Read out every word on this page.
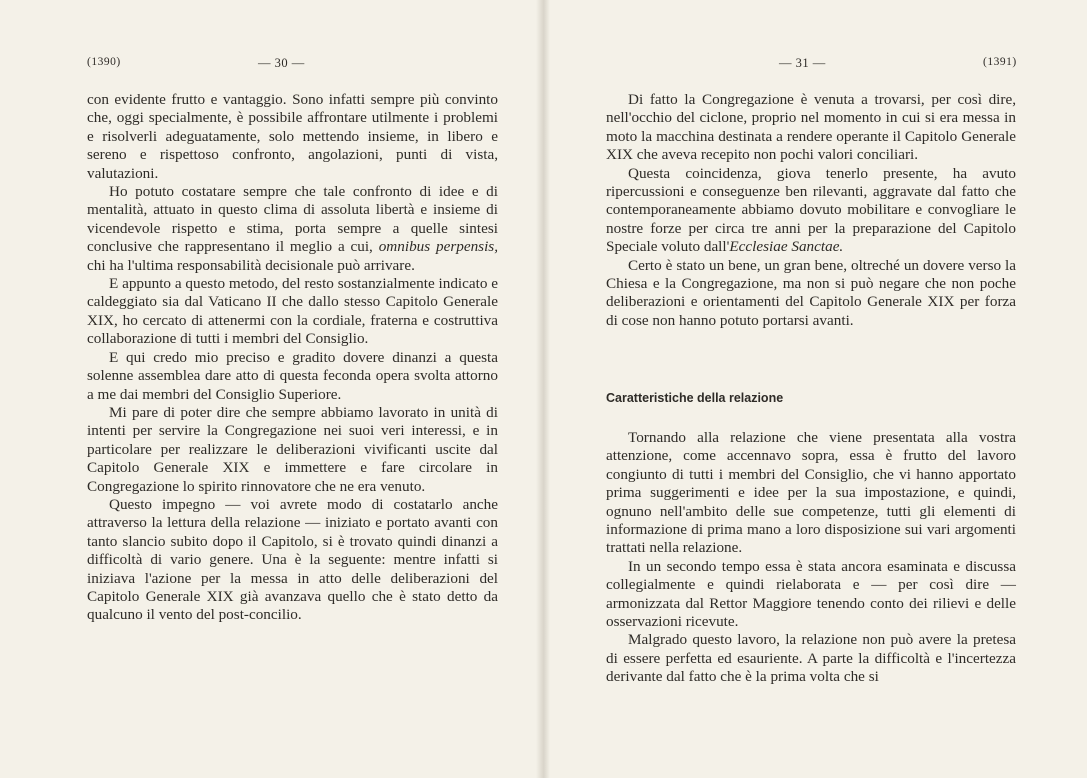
(1390)	— 30 —

con evidente frutto e vantaggio. Sono infatti sempre più convinto che, oggi specialmente, è possibile affrontare utilmente i problemi e risolverli adeguatamente, solo mettendo insieme, in libero e sereno e rispettoso confronto, angolazioni, punti di vista, valutazioni.

Ho potuto costatare sempre che tale confronto di idee e di mentalità, attuato in questo clima di assoluta libertà e insieme di vicendevole rispetto e stima, porta sempre a quelle sintesi conclusive che rappresentano il meglio a cui, omnibus perpensis, chi ha l'ultima responsabilità decisionale può arrivare.

E appunto a questo metodo, del resto sostanzialmente indicato e caldeggiato sia dal Vaticano II che dallo stesso Capitolo Generale XIX, ho cercato di attenermi con la cordiale, fraterna e costruttiva collaborazione di tutti i membri del Consiglio.

E qui credo mio preciso e gradito dovere dinanzi a questa solenne assemblea dare atto di questa feconda opera svolta attorno a me dai membri del Consiglio Superiore.

Mi pare di poter dire che sempre abbiamo lavorato in unità di intenti per servire la Congregazione nei suoi veri interessi, e in particolare per realizzare le deliberazioni vivificanti uscite dal Capitolo Generale XIX e immettere e fare circolare in Congregazione lo spirito rinnovatore che ne era venuto.

Questo impegno — voi avrete modo di costatarlo anche attraverso la lettura della relazione — iniziato e portato avanti con tanto slancio subito dopo il Capitolo, si è trovato quindi dinanzi a difficoltà di vario genere. Una è la seguente: mentre infatti si iniziava l'azione per la messa in atto delle deliberazioni del Capitolo Generale XIX già avanzava quello che è stato detto da qualcuno il vento del post-concilio.

— 31 —	(1391)

Di fatto la Congregazione è venuta a trovarsi, per così dire, nell'occhio del ciclone, proprio nel momento in cui si era messa in moto la macchina destinata a rendere operante il Capitolo Generale XIX che aveva recepito non pochi valori conciliari.

Questa coincidenza, giova tenerlo presente, ha avuto ripercussioni e conseguenze ben rilevanti, aggravate dal fatto che contemporaneamente abbiamo dovuto mobilitare e convogliare le nostre forze per circa tre anni per la preparazione del Capitolo Speciale voluto dall'Ecclesiae Sanctae.

Certo è stato un bene, un gran bene, oltreché un dovere verso la Chiesa e la Congregazione, ma non si può negare che non poche deliberazioni e orientamenti del Capitolo Generale XIX per forza di cose non hanno potuto portarsi avanti.

Caratteristiche della relazione

Tornando alla relazione che viene presentata alla vostra attenzione, come accennavo sopra, essa è frutto del lavoro congiunto di tutti i membri del Consiglio, che vi hanno apportato prima suggerimenti e idee per la sua impostazione, e quindi, ognuno nell'ambito delle sue competenze, tutti gli elementi di informazione di prima mano a loro disposizione sui vari argomenti trattati nella relazione.

In un secondo tempo essa è stata ancora esaminata e discussa collegialmente e quindi rielaborata e — per così dire — armonizzata dal Rettor Maggiore tenendo conto dei rilievi e delle osservazioni ricevute.

Malgrado questo lavoro, la relazione non può avere la pretesa di essere perfetta ed esauriente. A parte la difficoltà e l'incertezza derivante dal fatto che è la prima volta che si
